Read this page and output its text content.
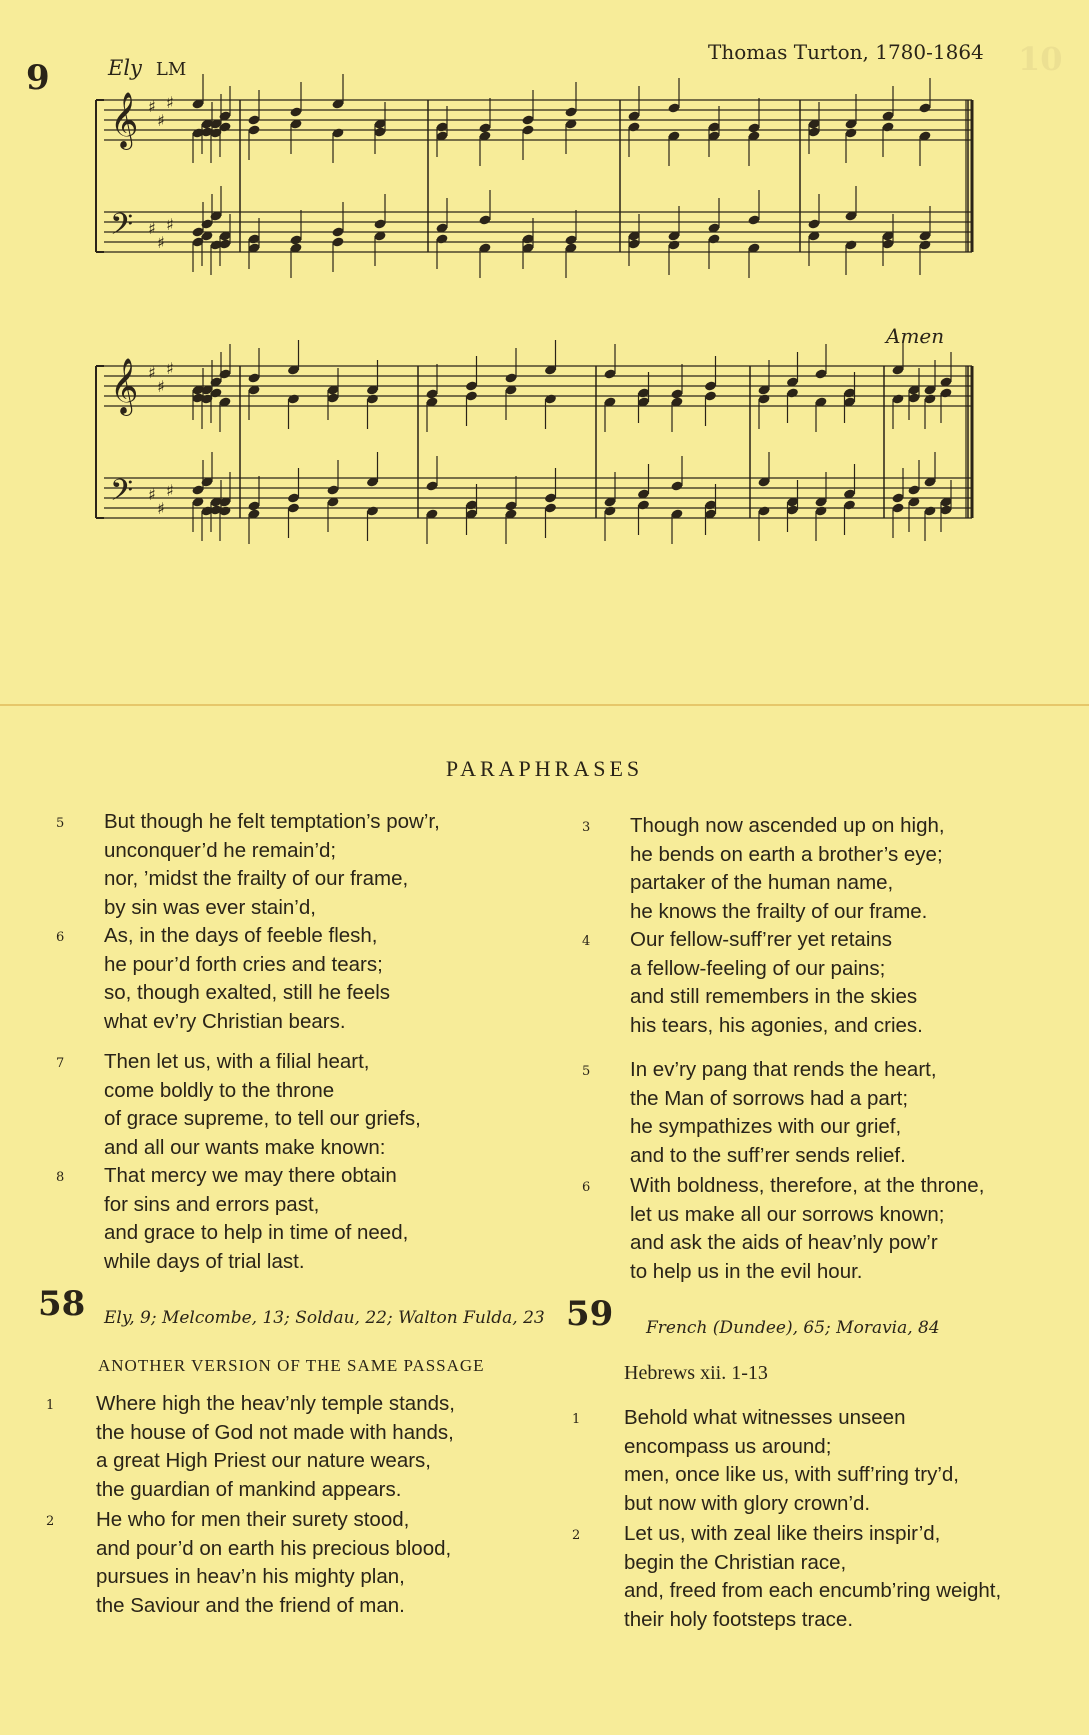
9	Ely LM
Thomas Turton, 1780-1864 10
Amen
𝄞 ♯
♯
♯
𝄢 ♯
♯
♯
𝄞 ♯
♯
♯
𝄢 ♯
♯
♯
PARAPHRASES
5 But though he felt temptation’s pow’r,
unconquer’d he remain’d;
nor, ’midst the frailty of our frame,
by sin was ever stain’d,
6 As, in the days of feeble flesh,
he pour’d forth cries and tears;
so, though exalted, still he feels
what ev’ry Christian bears.
7 Then let us, with a filial heart,
come boldly to the throne
of grace supreme, to tell our griefs,
and all our wants make known:
8 That mercy we may there obtain
for sins and errors past,
and grace to help in time of need,
while days of trial last.
3 Though now ascended up on high,
he bends on earth a brother’s eye;
partaker of the human name,
he knows the frailty of our frame.
4 Our fellow-suff’rer yet retains
a fellow-feeling of our pains;
and still remembers in the skies
his tears, his agonies, and cries.
5 In ev’ry pang that rends the heart,
the Man of sorrows had a part;
he sympathizes with our grief,
and to the suff’rer sends relief.
6 With boldness, therefore, at the throne,
let us make all our sorrows known;
and ask the aids of heav’nly pow’r
to help us in the evil hour.
58 Ely, 9; Melcombe, 13; Soldau, 22; Walton Fulda, 23
ANOTHER VERSION OF THE SAME PASSAGE
1 Where high the heav’nly temple stands,
the house of God not made with hands,
a great High Priest our nature wears,
the guardian of mankind appears.
2 He who for men their surety stood,
and pour’d on earth his precious blood,
pursues in heav’n his mighty plan,
the Saviour and the friend of man.
59 French (Dundee), 65; Moravia, 84
Hebrews xii. 1-13
1 Behold what witnesses unseen
encompass us around;
men, once like us, with suff’ring try’d,
but now with glory crown’d.
2 Let us, with zeal like theirs inspir’d,
begin the Christian race,
and, freed from each encumb’ring weight,
their holy footsteps trace.
